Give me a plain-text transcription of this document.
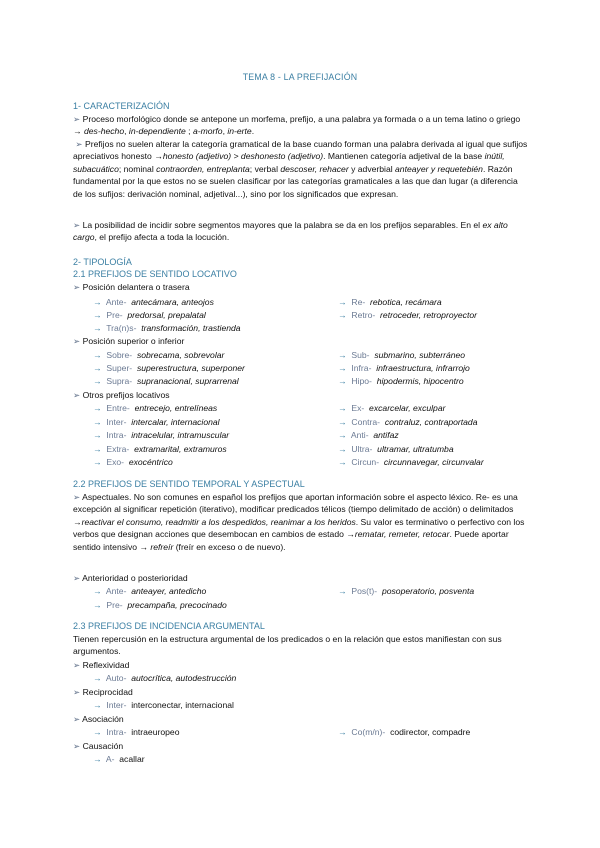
TEMA 8 - LA PREFIJACIÓN
1- CARACTERIZACIÓN
➢ Proceso morfológico donde se antepone un morfema, prefijo, a una palabra ya formada o a un tema latino o griego → des-hecho, in-dependiente ; a-morfo, in-erte.
➢ Prefijos no suelen alterar la categoría gramatical de la base cuando forman una palabra derivada al igual que sufijos apreciativos honesto →honesto (adjetivo) > deshonesto (adjetivo). Mantienen categoría adjetival de la base inútil, subacuático; nominal contraorden, entreplanta; verbal descoser, rehacer y adverbial anteayer y requetebién. Razón fundamental por la que estos no se suelen clasificar por las categorías gramaticales a las que dan lugar (a diferencia de los sufijos: derivación nominal, adjetival...), sino por los significados que expresan.
➢ La posibilidad de incidir sobre segmentos mayores que la palabra se da en los prefijos separables. En el ex alto cargo, el prefijo afecta a toda la locución.
2- TIPOLOGÍA
2.1 PREFIJOS DE SENTIDO LOCATIVO
➢ Posición delantera o trasera
→ Ante- antecámara, anteojos
→ Pre- predorsal, prepalatal
→ Tra(n)s- transformación, trastienda
→ Re- rebotica, recámara
→ Retro- retroceder, retroproyector
➢ Posición superior o inferior
→ Sobre- sobrecama, sobrevolar
→ Super- superestructura, superponer
→ Supra- supranacional, suprarrenal
→ Sub- submarino, subterráneo
→ Infra- infraestructura, infrarrojo
→ Hipo- hipodermis, hipocentro
➢ Otros prefijos locativos
→ Entre- entrecejo, entrelíneas
→ Inter- intercalar, internacional
→ Intra- intracelular, intramuscular
→ Extra- extramarital, extramuros
→ Exo- exocéntrico
→ Ex- excarcelar, exculpar
→ Contra- contraluz, contraportada
→ Anti- antifaz
→ Ultra- ultramar, ultratumba
→ Circun- circunnavegar, circunvalar
2.2 PREFIJOS DE SENTIDO TEMPORAL Y ASPECTUAL
➢ Aspectuales. No son comunes en español los prefijos que aportan información sobre el aspecto léxico. Re- es una excepción al significar repetición (iterativo), modificar predicados télicos (tiempo delimitado de acción) o delimitados →reactivar el consumo, readmitir a los despedidos, reanimar a los heridos. Su valor es terminativo o perfectivo con los verbos que designan acciones que desembocan en cambios de estado →rematar, remeter, retocar. Puede aportar sentido intensivo → refreír (freír en exceso o de nuevo).
➢ Anterioridad o posterioridad
→ Ante- anteayer, antedicho
→ Pre- precampaña, precocinado
→ Pos(t)- posoperatorio, posventa
2.3 PREFIJOS DE INCIDENCIA ARGUMENTAL
Tienen repercusión en la estructura argumental de los predicados o en la relación que estos manifiestan con sus argumentos.
➢ Reflexividad
→ Auto- autocrítica, autodestrucción
➢ Reciprocidad
→ Inter- interconectar, internacional
➢ Asociación
→ Intra- intraeuropeo	→ Co(m/n)- codirector, compadre
➢ Causación
→ A- acallar
